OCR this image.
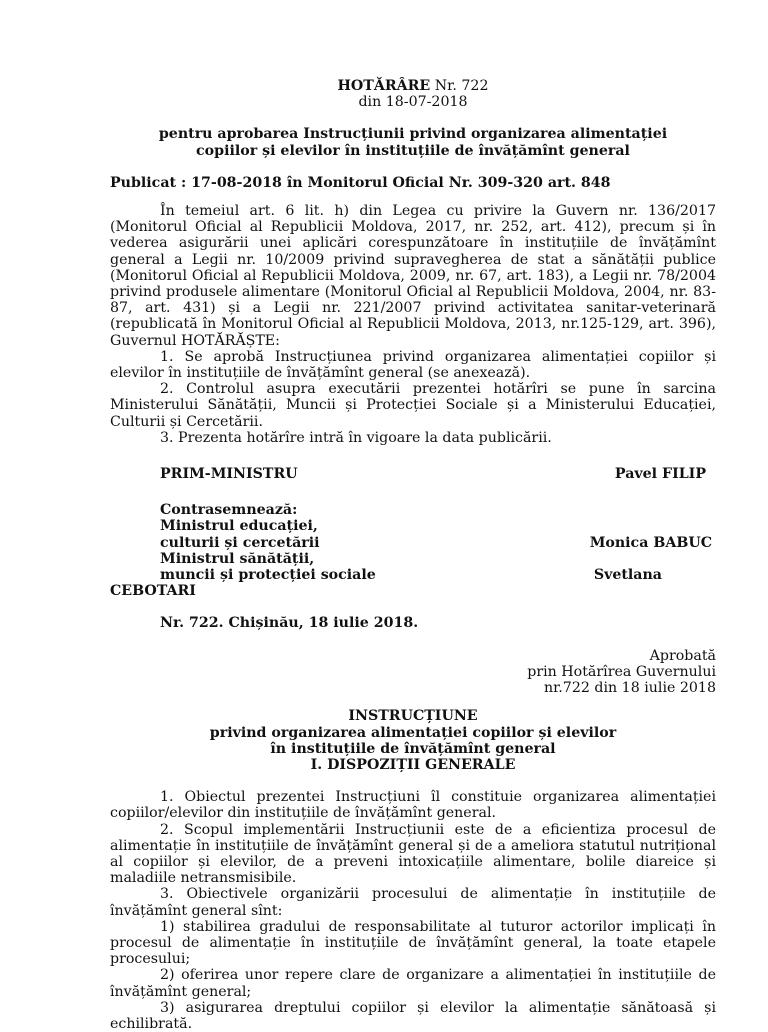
HOTĂRÂRE Nr. 722
din 18-07-2018
pentru aprobarea Instrucțiunii privind organizarea alimentației
copiilor și elevilor în instituțiile de învățămînt general

Publicat : 17-08-2018 în Monitorul Oficial Nr. 309-320 art. 848

În temeiul art. 6 lit. h) din Legea cu privire la Guvern nr. 136/2017 (Monitorul Oficial al Republicii Moldova, 2017, nr. 252, art. 412), precum și în vederea asigurării unei aplicări corespunzătoare în instituțiile de învățămînt general a Legii nr. 10/2009 privind supravegherea de stat a sănătății publice (Monitorul Oficial al Republicii Moldova, 2009, nr. 67, art. 183), a Legii nr. 78/2004 privind produsele alimentare (Monitorul Oficial al Republicii Moldova, 2004, nr. 83-87, art. 431) și a Legii nr. 221/2007 privind activitatea sanitar-veterinară (republicată în Monitorul Oficial al Republicii Moldova, 2013, nr.125-129, art. 396), Guvernul HOTĂRĂȘTE:

1. Se aprobă Instrucțiunea privind organizarea alimentației copiilor și elevilor în instituțiile de învățămînt general (se anexează).

2. Controlul asupra executării prezentei hotărîri se pune în sarcina Ministerului Sănătății, Muncii și Protecției Sociale și a Ministerului Educației, Culturii și Cercetării.

3. Prezenta hotărîre intră în vigoare la data publicării.

PRIM-MINISTRU	Pavel FILIP
Contrasemnează:
Ministrul educației,
culturii și cercetării	Monica BABUC
Ministrul sănătății,
muncii și protecției sociale	Svetlana
CEBOTARI
Nr. 722. Chișinău, 18 iulie 2018.
Aprobată
prin Hotărîrea Guvernului
nr.722 din 18 iulie 2018
INSTRUCȚIUNE
privind organizarea alimentației copiilor și elevilor
în instituțiile de învățămînt general
I. DISPOZIȚII GENERALE

1. Obiectul prezentei Instrucțiuni îl constituie organizarea alimentației copiilor/elevilor din instituțiile de învățămînt general.

2. Scopul implementării Instrucțiunii este de a eficientiza procesul de alimentație în instituțiile de învățămînt general și de a ameliora statutul nutrițional al copiilor și elevilor, de a preveni intoxicațiile alimentare, bolile diareice și maladiile netransmisibile.

3. Obiectivele organizării procesului de alimentație în instituțiile de învățămînt general sînt:

1) stabilirea gradului de responsabilitate al tuturor actorilor implicați în procesul de alimentație în instituțiile de învățămînt general, la toate etapele procesului;

2) oferirea unor repere clare de organizare a alimentației în instituțiile de învățămînt general;

3) asigurarea dreptului copiilor și elevilor la alimentație sănătoasă și echilibrată.
